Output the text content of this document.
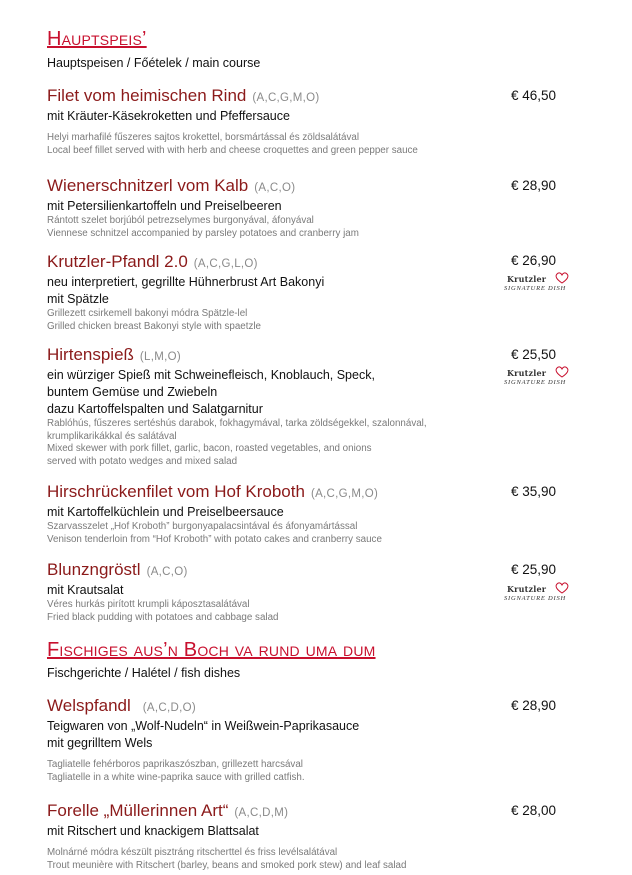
Hauptspeis’
Hauptspeisen / Főételek / main course
Filet vom heimischen Rind (A,C,G,M,O)
mit Kräuter-Käsekroketten und Pfeffersauce
Helyi marhafilé fűszeres sajtos krokettel, borsmártással és zöldsalátával
Local beef fillet served with with herb and cheese croquettes and green pepper sauce
€ 46,50
Wienerschnitzerl vom Kalb (A,C,O)
mit Petersilienkartoffeln und Preiselbeeren
Rántott szelet borjúból petrezselymes burgonyával, áfonyával
Viennese schnitzel accompanied by parsley potatoes and cranberry jam
€ 28,90
Krutzler-Pfandl 2.0 (A,C,G,L,O)
neu interpretiert, gegrillte Hühnerbrust Art Bakonyi
mit Spätzle
Grillezett csirkemell bakonyi módra Spätzle-lel
Grilled chicken breast Bakonyi style with spaetzle
€ 26,90
Krutzler
SIGNATURE DISH
Hirtenspieß (L,M,O)
ein würziger Spieß mit Schweinefleisch, Knoblauch, Speck,
buntem Gemüse und Zwiebeln
dazu Kartoffelspalten und Salatgarnitur
Rablóhús, fűszeres sertéshús darabok, fokhagymával, tarka zöldségekkel, szalonnával,
krumplikarikákkal és salátával
Mixed skewer with pork fillet, garlic, bacon, roasted vegetables, and onions
served with potato wedges and mixed salad
€ 25,50
Krutzler
SIGNATURE DISH
Hirschrückenfilet vom Hof Kroboth (A,C,G,M,O)
mit Kartoffelküchlein und Preiselbeersauce
Szarvasszelet „Hof Kroboth” burgonyapalacsintával és áfonyamártással
Venison tenderloin from “Hof Kroboth” with potato cakes and cranberry sauce
€ 35,90
Blunzngröstl (A,C,O)
mit Krautsalat
Véres hurkás pirított krumpli káposztasalátával
Fried black pudding with potatoes and cabbage salad
€ 25,90
Krutzler
SIGNATURE DISH
Fischiges aus’n Boch va rund uma dum
Fischgerichte / Halétel / fish dishes
Welspfandl (A,C,D,O)
Teigwaren von „Wolf-Nudeln“ in Weißwein-Paprikasauce
mit gegrilltem Wels
Tagliatelle fehérboros paprikaszószban, grillezett harcsával
Tagliatelle in a white wine-paprika sauce with grilled catfish.
€ 28,90
Forelle „Müllerinnen Art“ (A,C,D,M)
mit Ritschert und knackigem Blattsalat
Molnárné módra készült pisztráng ritscherttel és friss levélsalátával
Trout meunière with Ritschert (barley, beans and smoked pork stew) and leaf salad
€ 28,00
